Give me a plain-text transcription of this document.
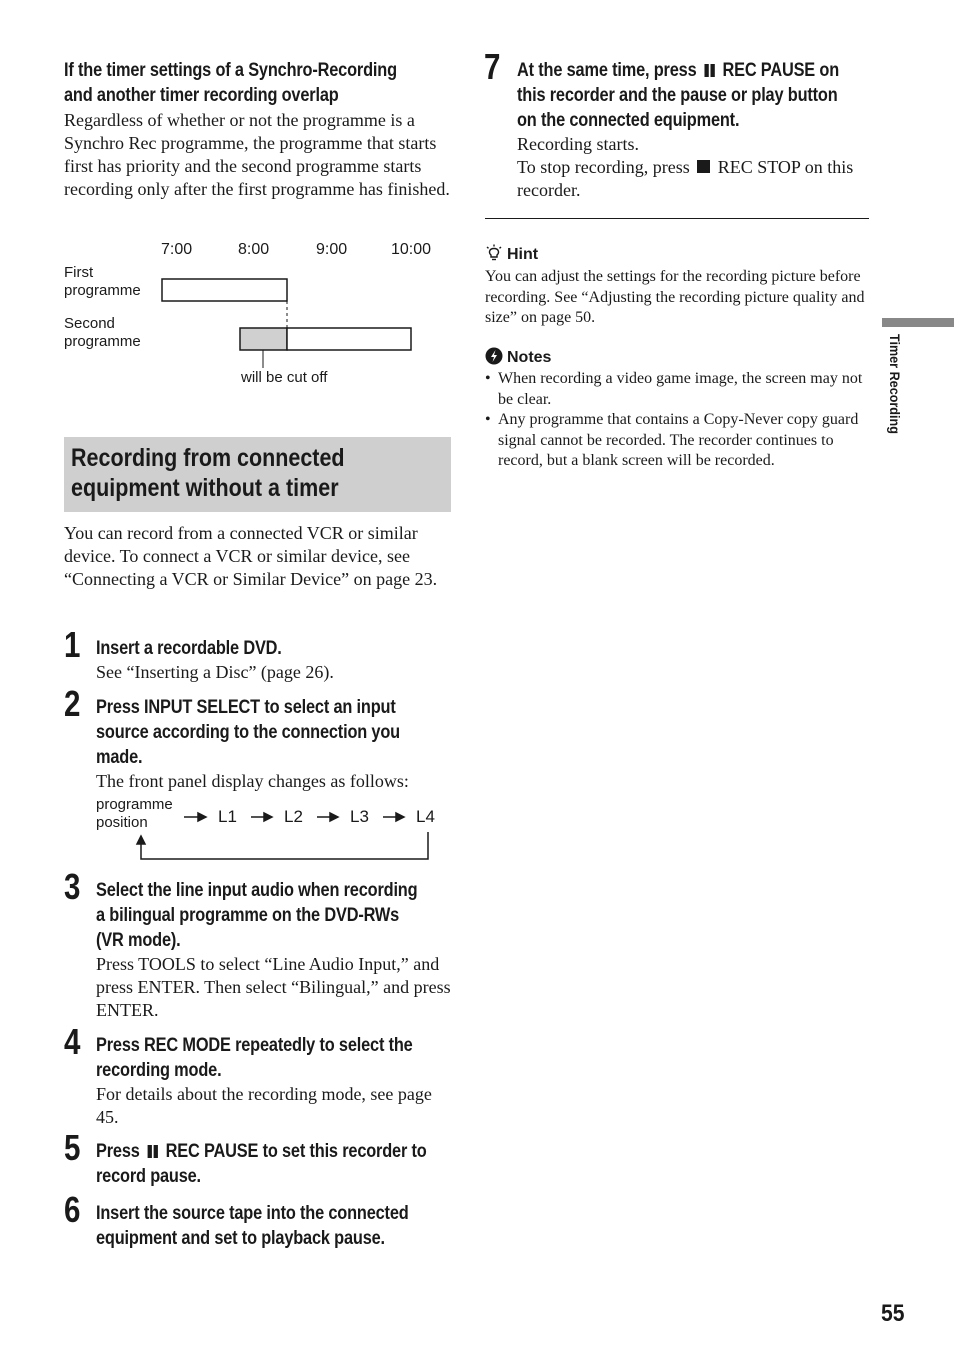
If the timer settings of a Synchro-Recording
and another timer recording overlap
Regardless of whether or not the programme is a Synchro Rec programme, the programme that starts first has priority and the second programme starts recording only after the first programme has finished.
7:00	8:00	9:00	10:00
First
programme
Second
programme
will be cut off
Recording from connected
equipment without a timer
You can record from a connected VCR or similar device. To connect a VCR or similar device, see “Connecting a VCR or Similar Device” on page 23.
1 Insert a recordable DVD.
See “Inserting a Disc” (page 26).
2 Press INPUT SELECT to select an input
source according to the connection you
made.
The front panel display changes as follows:
programme
position	L1	L2	L3	L4
3 Select the line input audio when recording
a bilingual programme on the DVD-RWs
(VR mode).
Press TOOLS to select “Line Audio Input,” and press ENTER. Then select “Bilingual,” and press ENTER.
4 Press REC MODE repeatedly to select the
recording mode.
For details about the recording mode, see page 45.
5 Press REC PAUSE to set this recorder to
record pause.
6 Insert the source tape into the connected
equipment and set to playback pause.
7 At the same time, press REC PAUSE on
this recorder and the pause or play button
on the connected equipment.
Recording starts.
To stop recording, press REC STOP on this recorder.
Hint
You can adjust the settings for the recording picture before recording. See “Adjusting the recording picture quality and size” on page 50.
Notes
• When recording a video game image, the screen may not be clear.
• Any programme that contains a Copy-Never copy guard signal cannot be recorded. The recorder continues to record, but a blank screen will be recorded.
Timer Recording
55
